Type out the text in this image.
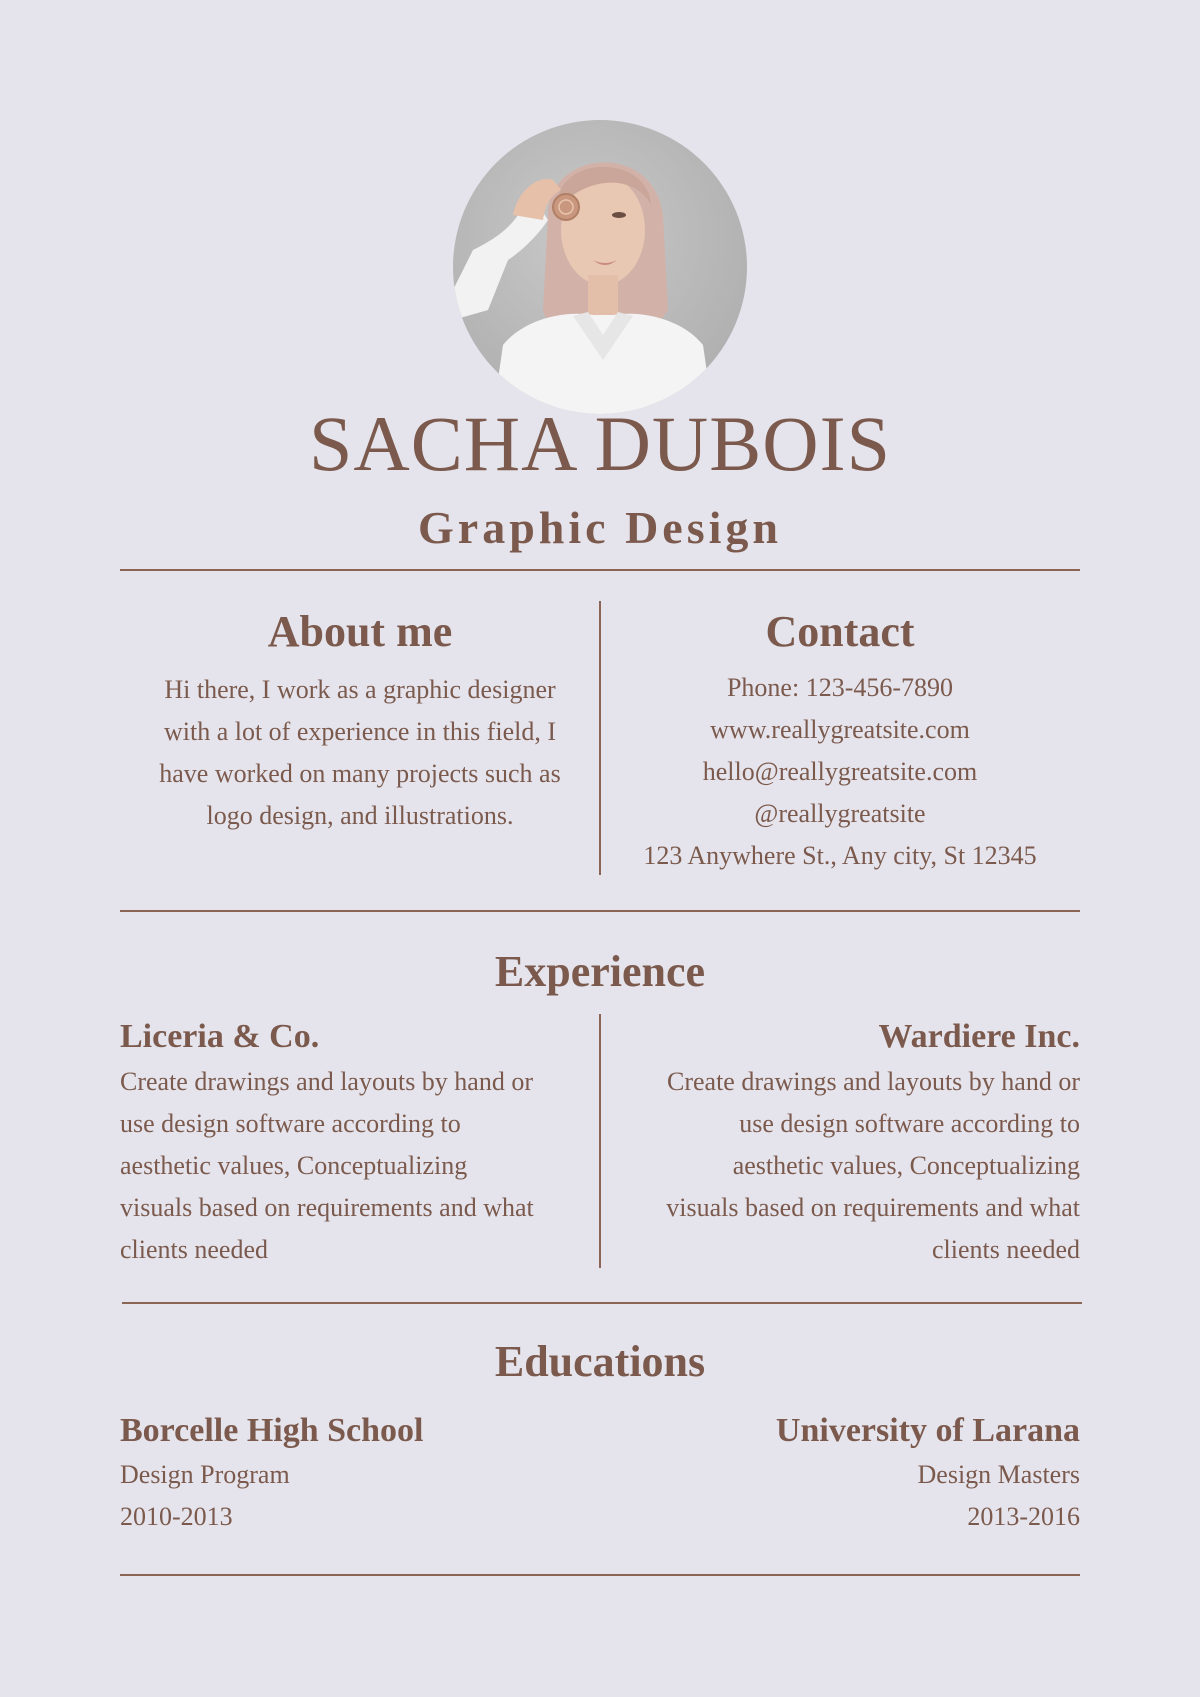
SACHA DUBOIS
Graphic Design
About me
Hi there, I work as a graphic designer
with a lot of experience in this field, I
have worked on many projects such as
logo design, and illustrations.
Contact
Phone: 123-456-7890
www.reallygreatsite.com
hello@reallygreatsite.com
@reallygreatsite
123 Anywhere St., Any city, St 12345
Experience
Liceria & Co.
Create drawings and layouts by hand or
use design software according to
aesthetic values, Conceptualizing
visuals based on requirements and what
clients needed
Wardiere Inc.
Create drawings and layouts by hand or
use design software according to
aesthetic values, Conceptualizing
visuals based on requirements and what
clients needed
Educations
Borcelle High School
Design Program
2010-2013
University of Larana
Design Masters
2013-2016
